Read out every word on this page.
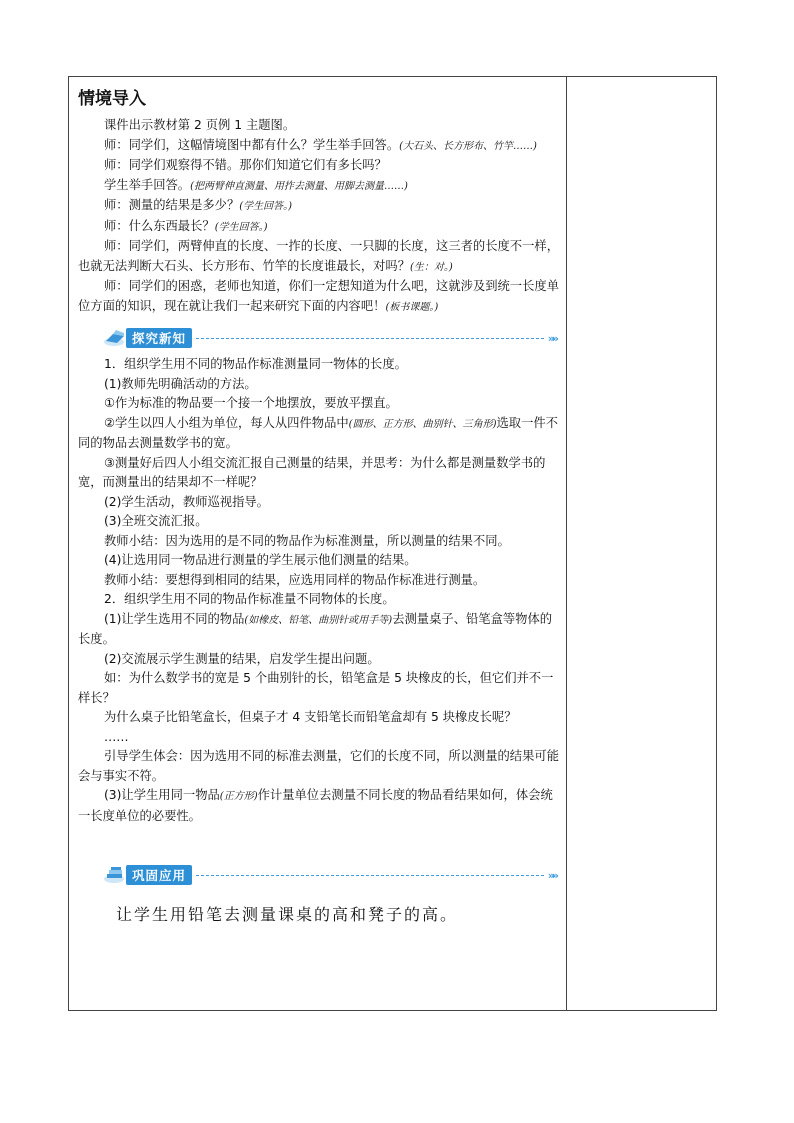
情境导入
课件出示教材第 2 页例 1 主题图。
师：同学们，这幅情境图中都有什么？学生举手回答。(大石头、长方形布、竹竿……)
师：同学们观察得不错。那你们知道它们有多长吗？
学生举手回答。(把两臂伸直测量、用拃去测量、用脚去测量……)
师：测量的结果是多少？(学生回答。)
师：什么东西最长？(学生回答。)
师：同学们，两臂伸直的长度、一拃的长度、一只脚的长度，这三者的长度不一样，也就无法判断大石头、长方形布、竹竿的长度谁最长，对吗？(生：对。)
师：同学们的困惑，老师也知道，你们一定想知道为什么吧，这就涉及到统一长度单位方面的知识，现在就让我们一起来研究下面的内容吧！(板书课题。)
探究新知	»»
1．组织学生用不同的物品作标准测量同一物体的长度。
(1)教师先明确活动的方法。
①作为标准的物品要一个接一个地摆放，要放平摆直。
②学生以四人小组为单位，每人从四件物品中(圆形、正方形、曲别针、三角形)选取一件不同的物品去测量数学书的宽。
③测量好后四人小组交流汇报自己测量的结果，并思考：为什么都是测量数学书的宽，而测量出的结果却不一样呢？
(2)学生活动，教师巡视指导。
(3)全班交流汇报。
教师小结：因为选用的是不同的物品作为标准测量，所以测量的结果不同。
(4)让选用同一物品进行测量的学生展示他们测量的结果。
教师小结：要想得到相同的结果，应选用同样的物品作标准进行测量。
2．组织学生用不同的物品作标准量不同物体的长度。
(1)让学生选用不同的物品(如橡皮、铅笔、曲别针或用手等)去测量桌子、铅笔盒等物体的长度。
(2)交流展示学生测量的结果，启发学生提出问题。
如：为什么数学书的宽是 5 个曲别针的长，铅笔盒是 5 块橡皮的长，但它们并不一样长？
为什么桌子比铅笔盒长，但桌子才 4 支铅笔长而铅笔盒却有 5 块橡皮长呢？
……
引导学生体会：因为选用不同的标准去测量，它们的长度不同，所以测量的结果可能会与事实不符。
(3)让学生用同一物品(正方形)作计量单位去测量不同长度的物品看结果如何，体会统一长度单位的必要性。
巩固应用	»»
让学生用铅笔去测量课桌的高和凳子的高。
